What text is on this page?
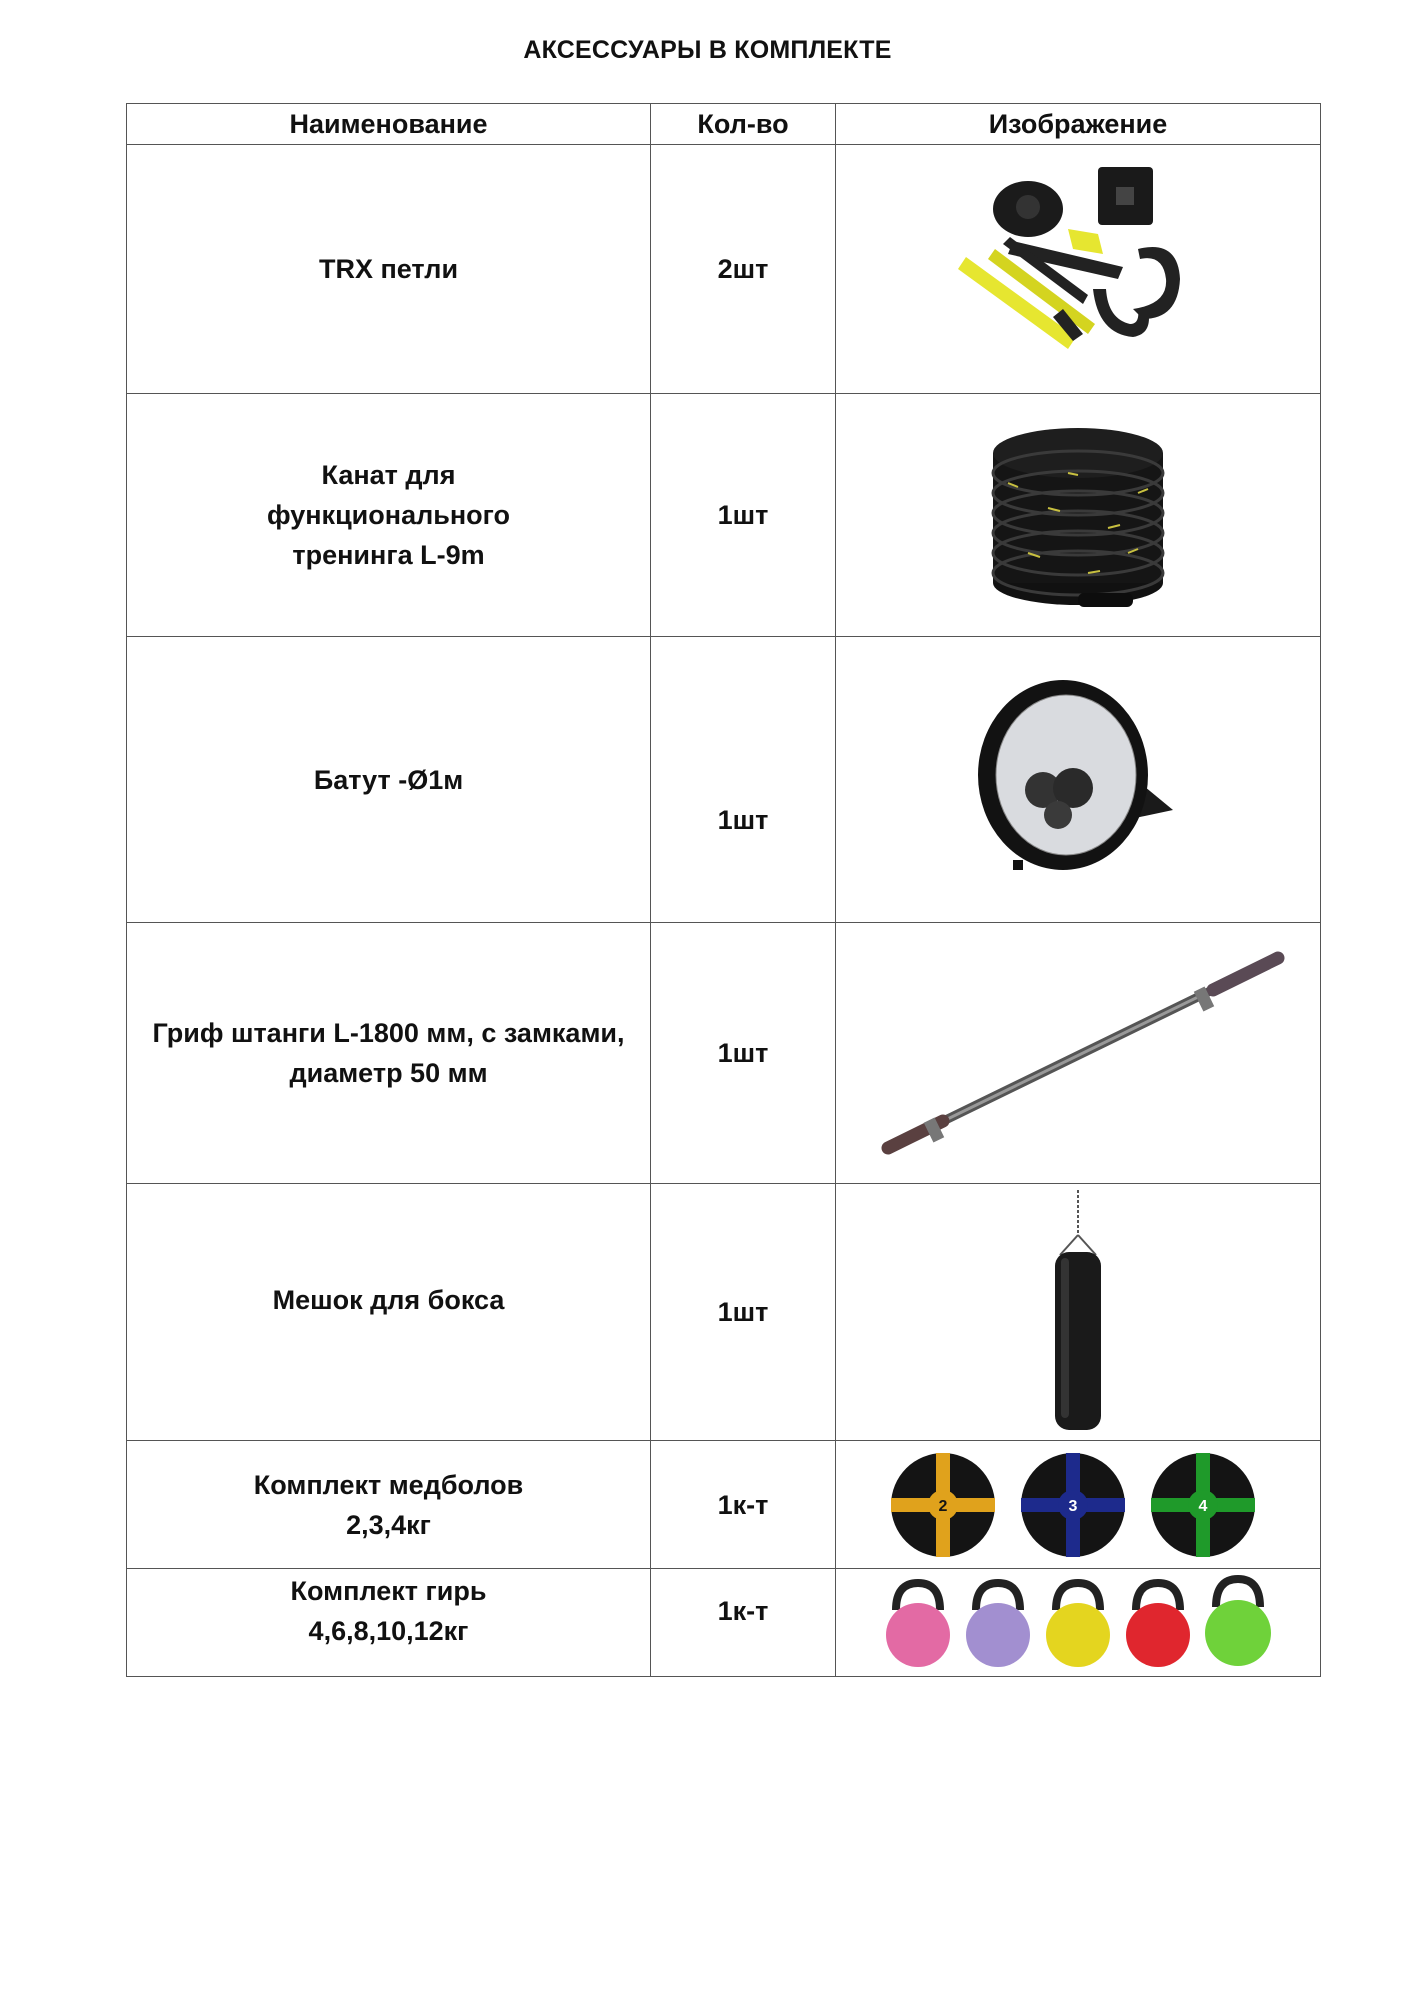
АКСЕССУАРЫ В КОМПЛЕКТЕ
Наименование	Кол-во	Изображение

TRX петли	2шт

Канат для функционального тренинга L-9m	1шт

Батут -Ø1м	1шт

Гриф штанги L-1800 мм, с замками, диаметр 50 мм	1шт

Мешок для бокса	1шт

Комплект медболов 2,3,4кг	1к-т	2 3 4

Комплект гирь 4,6,8,10,12кг	1к-т
